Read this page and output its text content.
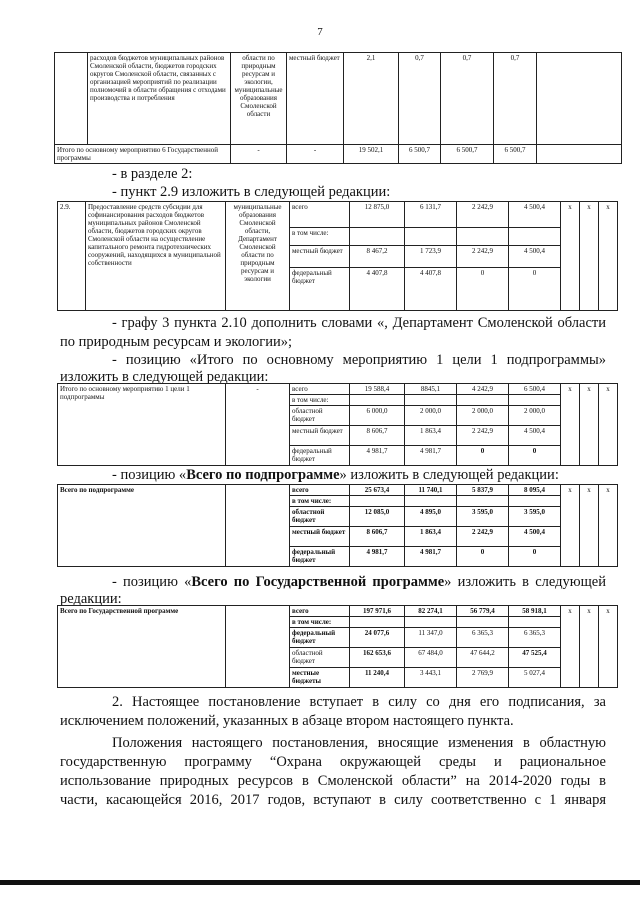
7
	расходов бюджетов муниципальных районов Смоленской области, бюджетов городских округов Смоленской области, связанных с организацией мероприятий по реализации полномочий в области обращения с отходами производства и потребления	области по природным ресурсам и экологии, муниципальные образования Смоленской области	местный бюджет	2,1	0,7	0,7	0,7	
Итого по основному мероприятию 6 Государственной программы		-	-	19 502,1	6 500,7	6 500,7	6 500,7	
- в разделе 2:
- пункт 2.9 изложить в следующей редакции:
2.9.	Предоставление средств субсидии для софинансирования расходов бюджетов муниципальных районов Смоленской области, бюджетов городских округов Смоленской области на осуществление капитального ремонта гидротехнических сооружений, находящихся в муниципальной собственности	муниципальные образования Смоленской области, Департамент Смоленской области по природным ресурсам и экологии	всего	12 875,0	6 131,7	2 242,9	4 500,4	x	x	x
			в том числе:							
			местный бюджет	8 467,2	1 723,9	2 242,9	4 500,4			
			федеральный бюджет	4 407,8	4 407,8	0	0			
- графу 3 пункта 2.10 дополнить словами «, Департамент Смоленской области
по природным ресурсам и экологии»;
- позицию «Итого по основному мероприятию 1 цели 1 подпрограммы»
изложить в следующей редакции:
Итого по основному мероприятию 1 цели 1 подпрограммы	-	всего	19 588,4	8845,1	4 242,9	6 500,4	x	x	x
		в том числе:							
		областной бюджет	6 000,0	2 000,0	2 000,0	2 000,0			
		местный бюджет	8 606,7	1 863,4	2 242,9	4 500,4			
		федеральный бюджет	4 981,7	4 981,7	0	0			
- позицию «Всего по подпрограмме» изложить в следующей редакции:
Всего по подпрограмме		всего	25 673,4	11 740,1	5 837,9	8 095,4	x	x	x
		в том числе:							
		областной бюджет	12 085,0	4 895,0	3 595,0	3 595,0			
		местный бюджет	8 606,7	1 863,4	2 242,9	4 500,4			
		федеральный бюджет	4 981,7	4 981,7	0	0			
- позицию «Всего по Государственной программе» изложить в следующей
редакции:
Всего по Государственной программе		всего	197 971,6	82 274,1	56 779,4	58 918,1	x	x	x
		в том числе:							
		федеральный бюджет	24 077,6	11 347,0	6 365,3	6 365,3			
		областной бюджет	162 653,6	67 484,0	47 644,2	47 525,4			
		местные бюджеты	11 240,4	3 443,1	2 769,9	5 027,4			
2. Настоящее постановление вступает в силу со дня его подписания, за
исключением положений, указанных в абзаце втором настоящего пункта.
Положения настоящего постановления, вносящие изменения в областную
государственную программу “Охрана окружающей среды и рациональное
использование природных ресурсов в Смоленской области” на 2014-2020 годы в
части, касающейся 2016, 2017 годов, вступают в силу соответственно с 1 января
